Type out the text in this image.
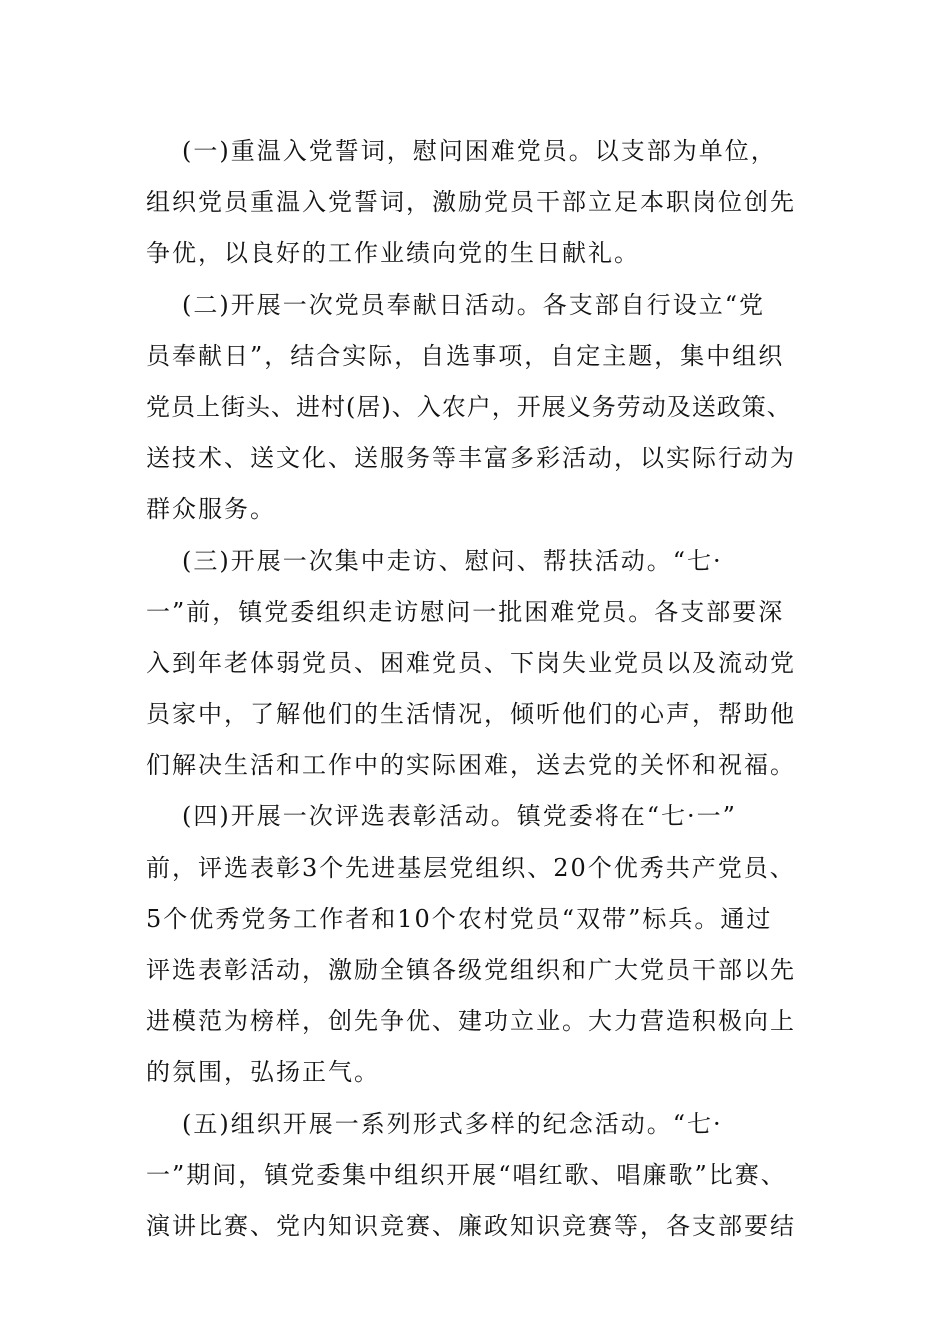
(一)重温入党誓词，慰问困难党员。以支部为单位，
组织党员重温入党誓词，激励党员干部立足本职岗位创先
争优，以良好的工作业绩向党的生日献礼。
(二)开展一次党员奉献日活动。各支部自行设立“党
员奉献日”，结合实际，自选事项，自定主题，集中组织
党员上街头、进村(居)、入农户，开展义务劳动及送政策、
送技术、送文化、送服务等丰富多彩活动，以实际行动为
群众服务。
(三)开展一次集中走访、慰问、帮扶活动。“七·
一”前，镇党委组织走访慰问一批困难党员。各支部要深
入到年老体弱党员、困难党员、下岗失业党员以及流动党
员家中，了解他们的生活情况，倾听他们的心声，帮助他
们解决生活和工作中的实际困难，送去党的关怀和祝福。
(四)开展一次评选表彰活动。镇党委将在“七·一”
前，评选表彰3个先进基层党组织、20个优秀共产党员、
5个优秀党务工作者和10个农村党员“双带”标兵。通过
评选表彰活动，激励全镇各级党组织和广大党员干部以先
进模范为榜样，创先争优、建功立业。大力营造积极向上
的氛围，弘扬正气。
(五)组织开展一系列形式多样的纪念活动。“七·
一”期间，镇党委集中组织开展“唱红歌、唱廉歌”比赛、
演讲比赛、党内知识竞赛、廉政知识竞赛等，各支部要结
